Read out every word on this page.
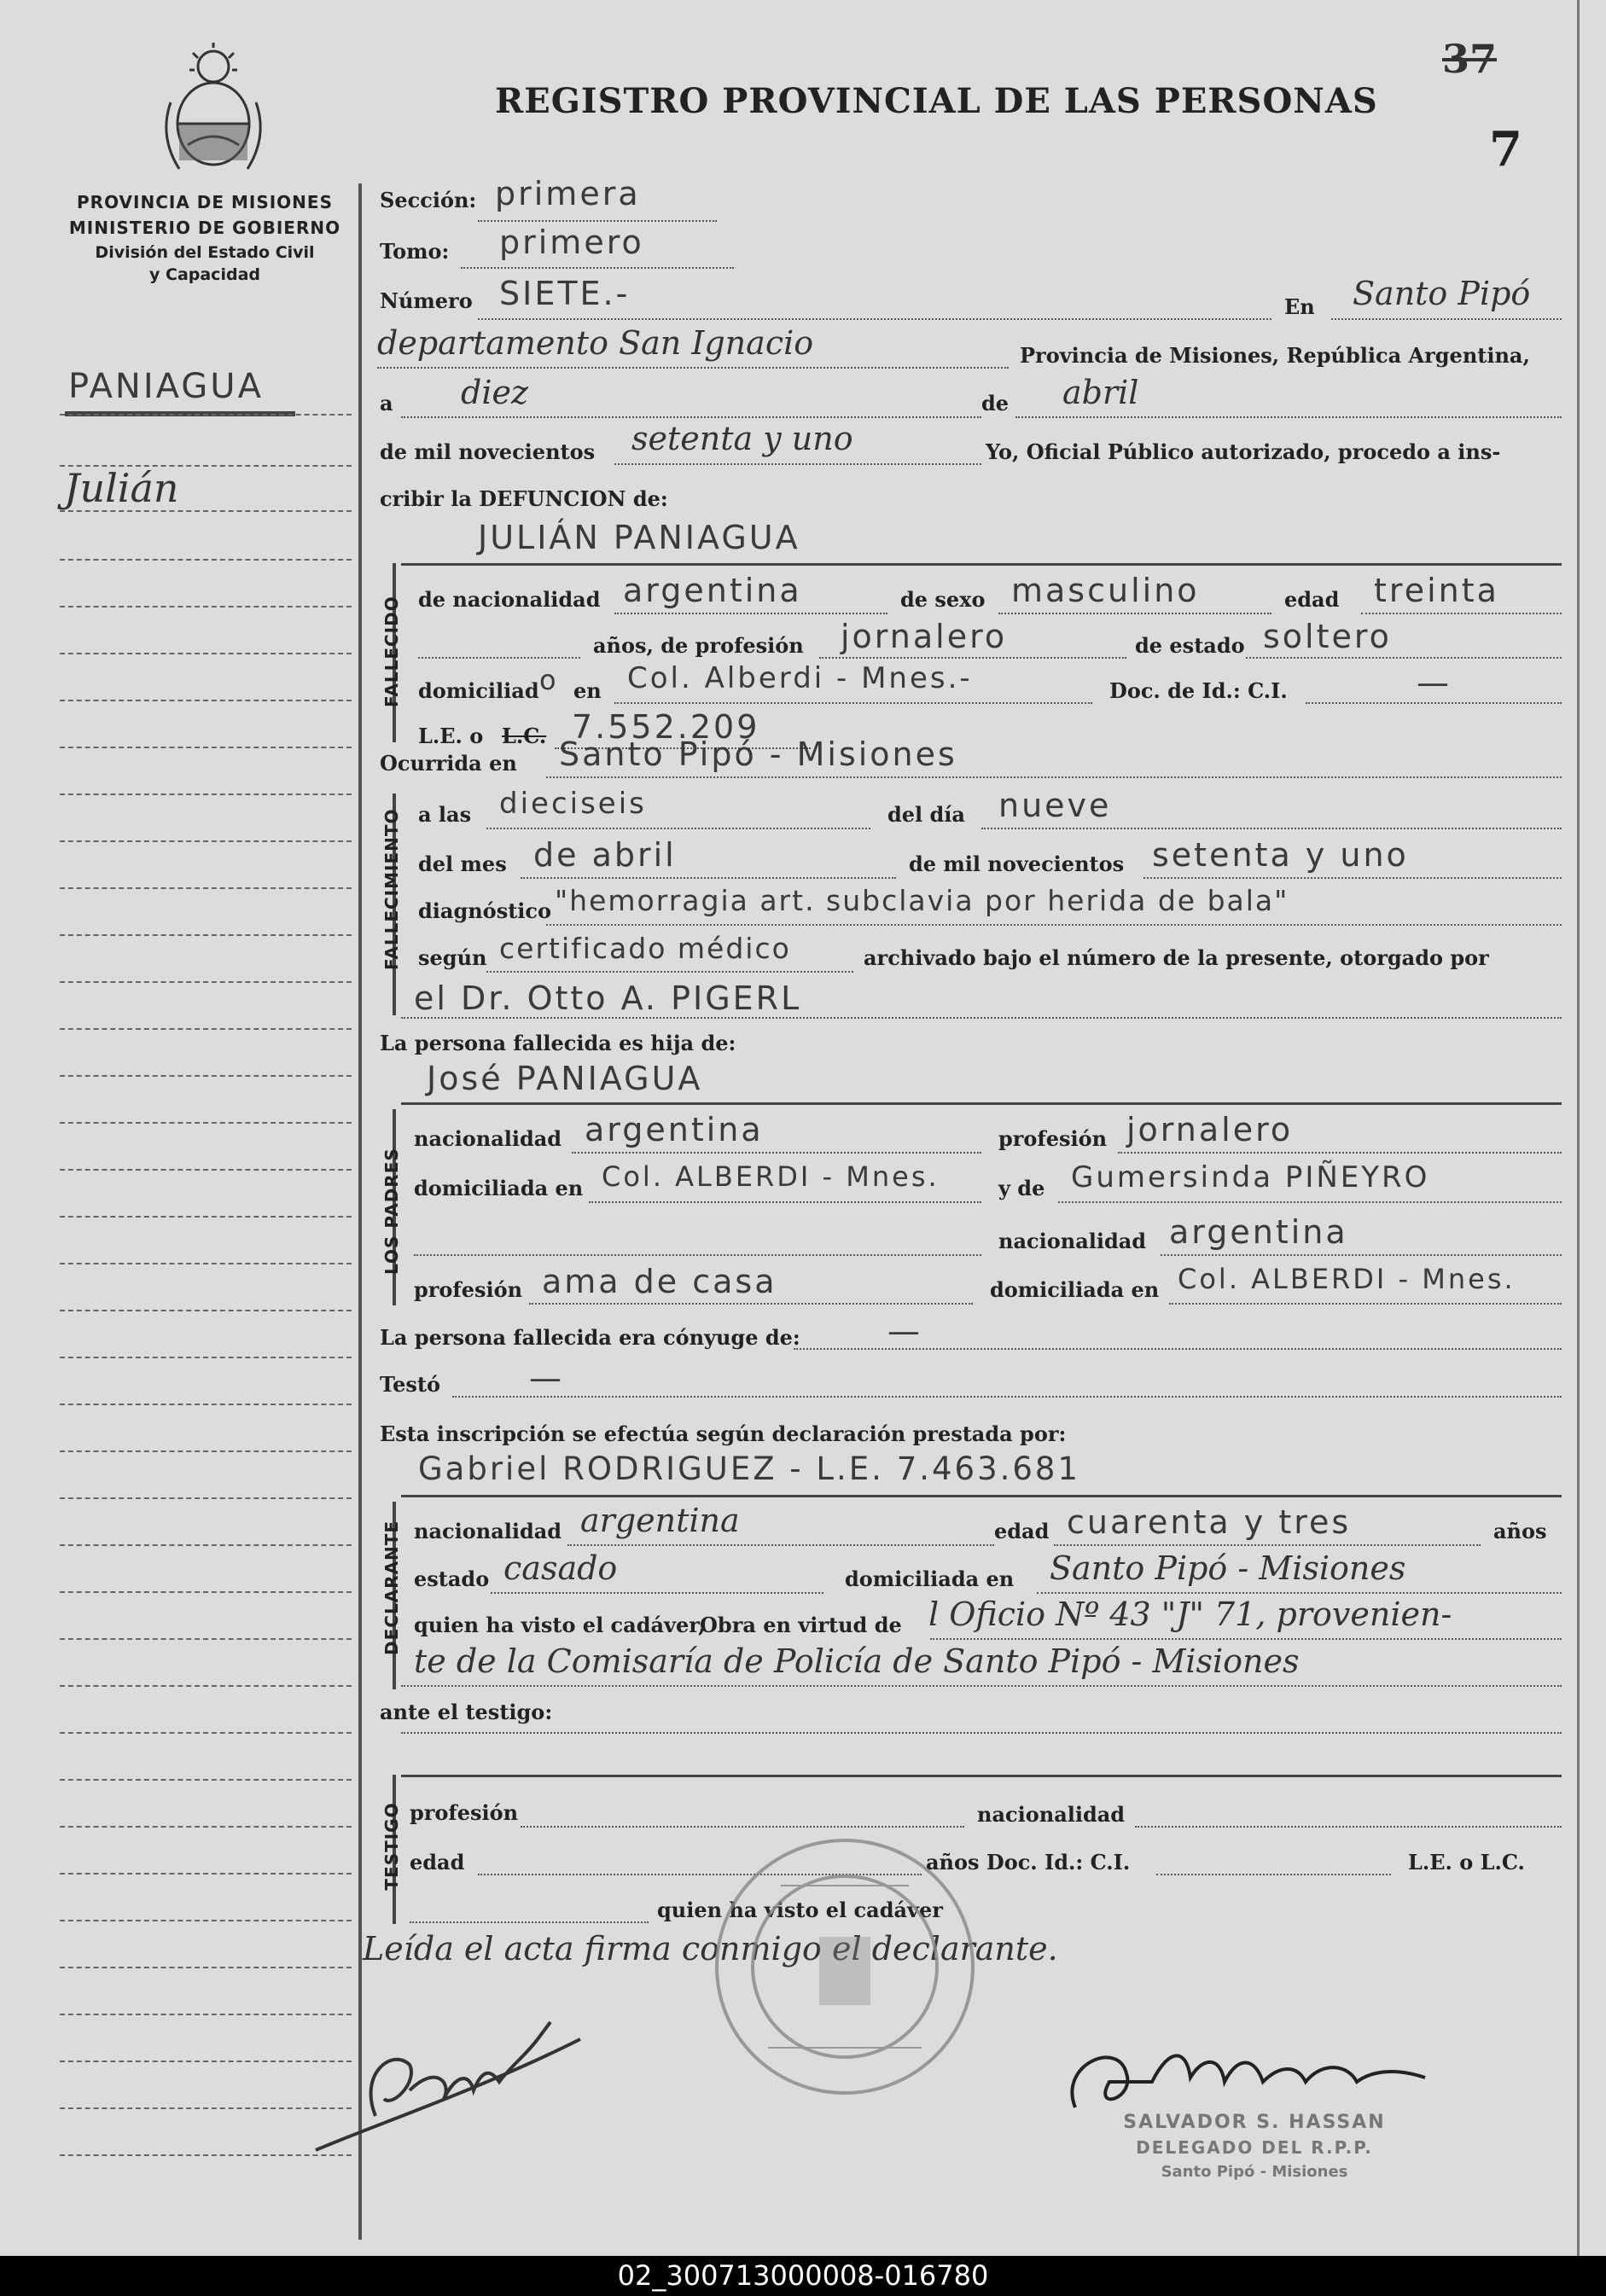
PROVINCIA DE MISIONES
MINISTERIO DE GOBIERNO
División del Estado Civil
y Capacidad
REGISTRO PROVINCIAL DE LAS PERSONAS
37
7
PANIAGUA
Julián
Sección: primera
Tomo: primero
Número SIETE.-	En Santo Pipó
departamento San Ignacio	Provincia de Misiones, República Argentina,
a diez	de abril
de mil novecientos setenta y uno	Yo, Oficial Público autorizado, procedo a ins-
cribir la DEFUNCION de:
FALLECIDO
JULIÁN PANIAGUA
de nacionalidad argentina	de sexo masculino	edad treinta
años, de profesión jornalero	de estado soltero
domiciliad o en Col. Alberdi - Mnes.-	Doc. de Id.: C.I.	—
L.E. o L.C. 7.552.209
Ocurrida en Santo Pipó - Misiones
FALLECIMIENTO a las dieciseis	del día nueve
del mes de abril	de mil novecientos setenta y uno
diagnóstico "hemorragia art. subclavia por herida de bala"
según certificado médico	archivado bajo el número de la presente, otorgado por
el Dr. Otto A. PIGERL
La persona fallecida es hija de:
LOS PADRES
José PANIAGUA
nacionalidad argentina	profesión jornalero
domiciliada en Col. ALBERDI - Mnes.	y de Gumersinda PIÑEYRO
nacionalidad argentina
profesión ama de casa	domiciliada en Col. ALBERDI - Mnes.
La persona fallecida era cónyuge de:	—
Testó	—
Esta inscripción se efectúa según declaración prestada por:
DECLARANTE
Gabriel RODRIGUEZ - L.E. 7.463.681
nacionalidad argentina	edad cuarenta y tres	años
estado casado	domiciliada en Santo Pipó - Misiones
quien ha visto el cadáver,
Obra en virtud de l Oficio Nº 43 "J" 71, provenien-
te de la Comisaría de Policía de Santo Pipó - Misiones
ante el testigo:
TESTIGO profesión	nacionalidad
edad	años Doc. Id.: C.I.	L.E. o L.C.
quien ha visto el cadáver
Leída el acta firma conmigo el declarante.
SALVADOR S. HASSAN
DELEGADO DEL R.P.P.
Santo Pipó - Misiones
02_300713000008-016780
